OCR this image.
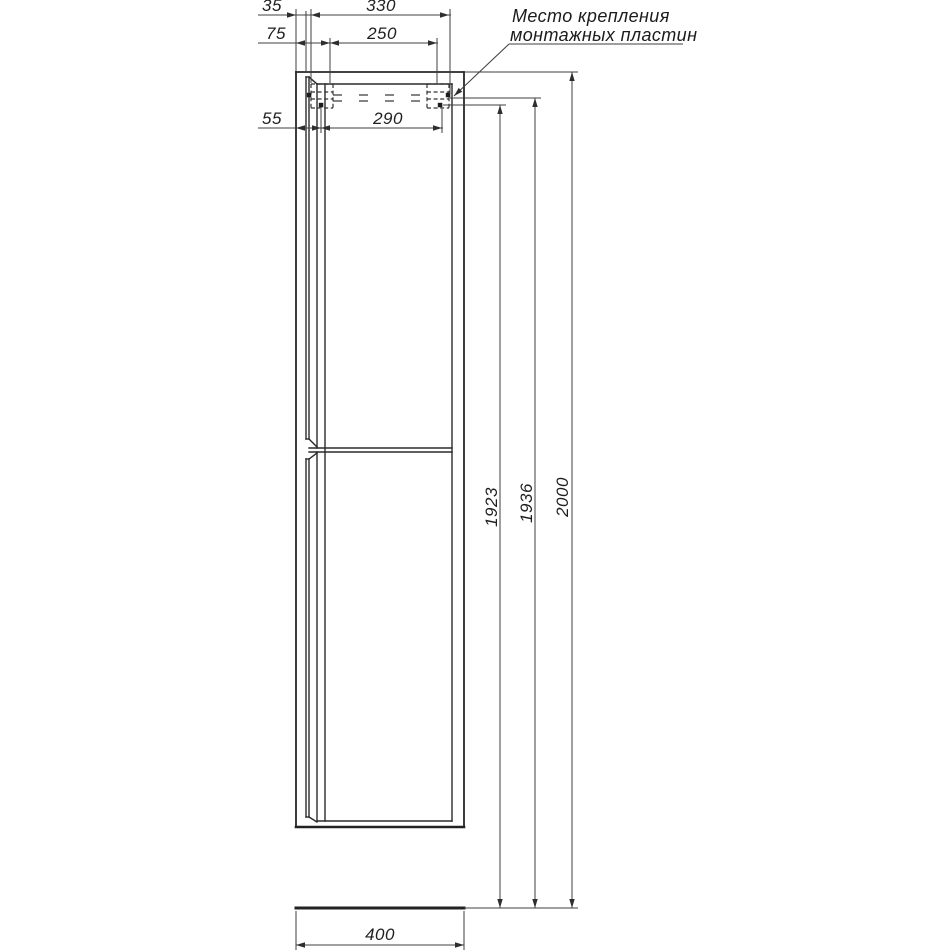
35	330
75	250
55	290
Место крепления
монтажных пластин
1923 1936 2000
400
